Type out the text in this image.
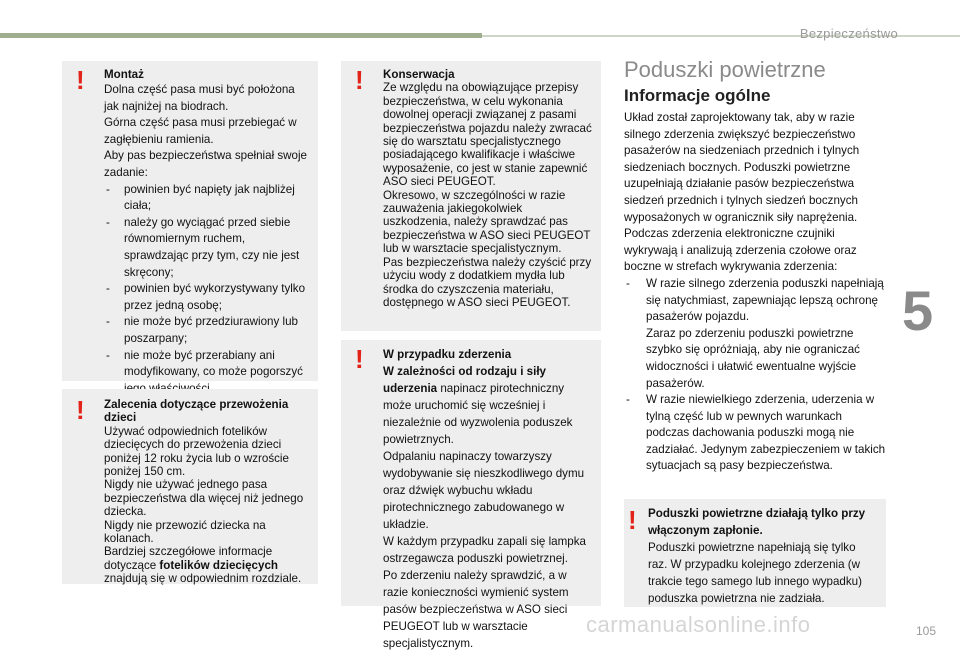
Bezpieczeństwo
5
! Montaż

Dolna część pasa musi być położona jak najniżej na biodrach.

Górna część pasa musi przebiegać w zagłębieniu ramienia.

Aby pas bezpieczeństwa spełniał swoje zadanie:

- powinien być napięty jak najbliżej ciała;
- należy go wyciągać przed siebie równomiernym ruchem, sprawdzając przy tym, czy nie jest skręcony;
- powinien być wykorzystywany tylko przez jedną osobę;
- nie może być przedziurawiony lub poszarpany;
- nie może być przerabiany ani modyfikowany, co może pogorszyć
! Zalecenia dotyczące przewożenia dzieci

Używać odpowiednich fotelików dziecięcych do przewożenia dzieci poniżej 12 roku życia lub o wzroście poniżej 150 cm.

Nigdy nie używać jednego pasa bezpieczeństwa dla więcej niż jednego dziecka.

Nigdy nie przewozić dziecka na kolanach.

Bardziej szczegółowe informacje dotyczące fotelików dziecięcych znajdują się w odpowiednim rozdziale.

! Konserwacja

Ze względu na obowiązujące przepisy bezpieczeństwa, w celu wykonania dowolnej operacji związanej z pasami bezpieczeństwa pojazdu należy zwracać się do warsztatu specjalistycznego posiadającego kwalifikacje i właściwe wyposażenie, co jest w stanie zapewnić ASO sieci PEUGEOT.

Okresowo, w szczególności w razie zauważenia jakiegokolwiek uszkodzenia, należy sprawdzać pas bezpieczeństwa w ASO sieci PEUGEOT lub w warsztacie specjalistycznym.

Pas bezpieczeństwa należy czyścić przy użyciu wody z dodatkiem mydła lub środka do czyszczenia materiału, dostępnego w ASO sieci PEUGEOT.

! W przypadku zderzenia

W zależności od rodzaju i siły uderzenia napinacz pirotechniczny może uruchomić się wcześniej i niezależnie od wyzwolenia poduszek powietrznych.

Odpalaniu napinaczy towarzyszy wydobywanie się nieszkodliwego dymu oraz dźwięk wybuchu wkładu pirotechnicznego zabudowanego w układzie.

W każdym przypadku zapali się lampka ostrzegawcza poduszki powietrznej.

Po zderzeniu należy sprawdzić, a w razie konieczności wymienić system pasów bezpieczeństwa w ASO sieci PEUGEOT lub w warsztacie specjalistycznym.

Poduszki powietrzne
Informacje ogólne

Układ został zaprojektowany tak, aby w razie silnego zderzenia zwiększyć bezpieczeństwo pasażerów na siedzeniach przednich i tylnych siedzeniach bocznych. Poduszki powietrzne uzupełniają działanie pasów bezpieczeństwa siedzeń przednich i tylnych siedzeń bocznych wyposażonych w ogranicznik siły naprężenia.

Podczas zderzenia elektroniczne czujniki wykrywają i analizują zderzenia czołowe oraz boczne w strefach wykrywania zderzenia:

- W razie silnego zderzenia poduszki napełniają się natychmiast, zapewniając lepszą ochronę pasażerów pojazdu.
Zaraz po zderzeniu poduszki powietrzne szybko się opróżniają, aby nie ograniczać widoczności i ułatwić ewentualne wyjście pasażerów.
- W razie niewielkiego zderzenia, uderzenia w tylną część lub w pewnych warunkach podczas dachowania poduszki mogą nie zadziałać. Jedynym zabezpieczeniem w takich sytuacjach są pasy bezpieczeństwa.
! Poduszki powietrzne działają tylko przy włączonym zapłonie.

Poduszki powietrzne napełniają się tylko raz. W przypadku kolejnego zderzenia (w trakcie tego samego lub innego wypadku) poduszka powietrzna nie zadziała.

carmanualsonline.info	105
